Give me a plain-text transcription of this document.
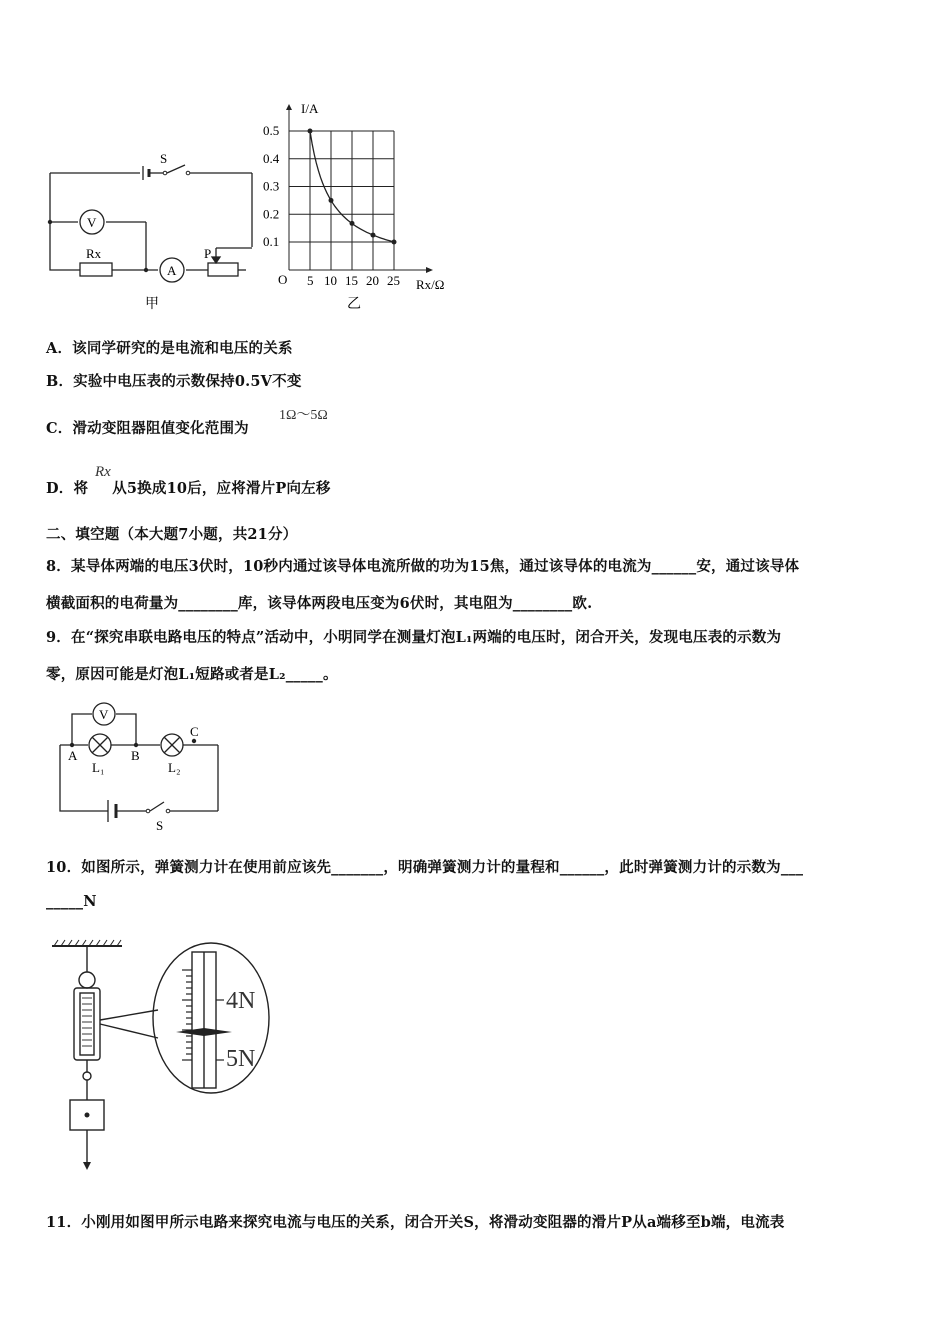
S
V
Rx
A
P
甲
0.5
0.4
0.3
0.2
0.1
5 10 15 20 25
I/A
Rx/Ω
O
乙
A．该同学研究的是电流和电压的关系
B．实验中电压表的示数保持0.5V不变
C．滑动变阻器阻值变化范围为
1Ω～5Ω
D．将 从5换成10后，应将滑片P向左移
Rx
二、填空题（本大题7小题，共21分）
8．某导体两端的电压3伏时，10秒内通过该导体电流所做的功为15焦，通过该导体的电流为______安，通过该导体
横截面积的电荷量为________库，该导体两段电压变为6伏时，其电阻为________欧.
9．在“探究串联电路电压的特点”活动中，小明同学在测量灯泡L₁两端的电压时，闭合开关，发现电压表的示数为
零，原因可能是灯泡L₁短路或者是L₂_____。
V
A	B
C
L₁	L₂
S
10．如图所示，弹簧测力计在使用前应该先_______，明确弹簧测力计的量程和______，此时弹簧测力计的示数为___
_____N
4N
5N
11．小刚用如图甲所示电路来探究电流与电压的关系，闭合开关S，将滑动变阻器的滑片P从a端移至b端，电流表
